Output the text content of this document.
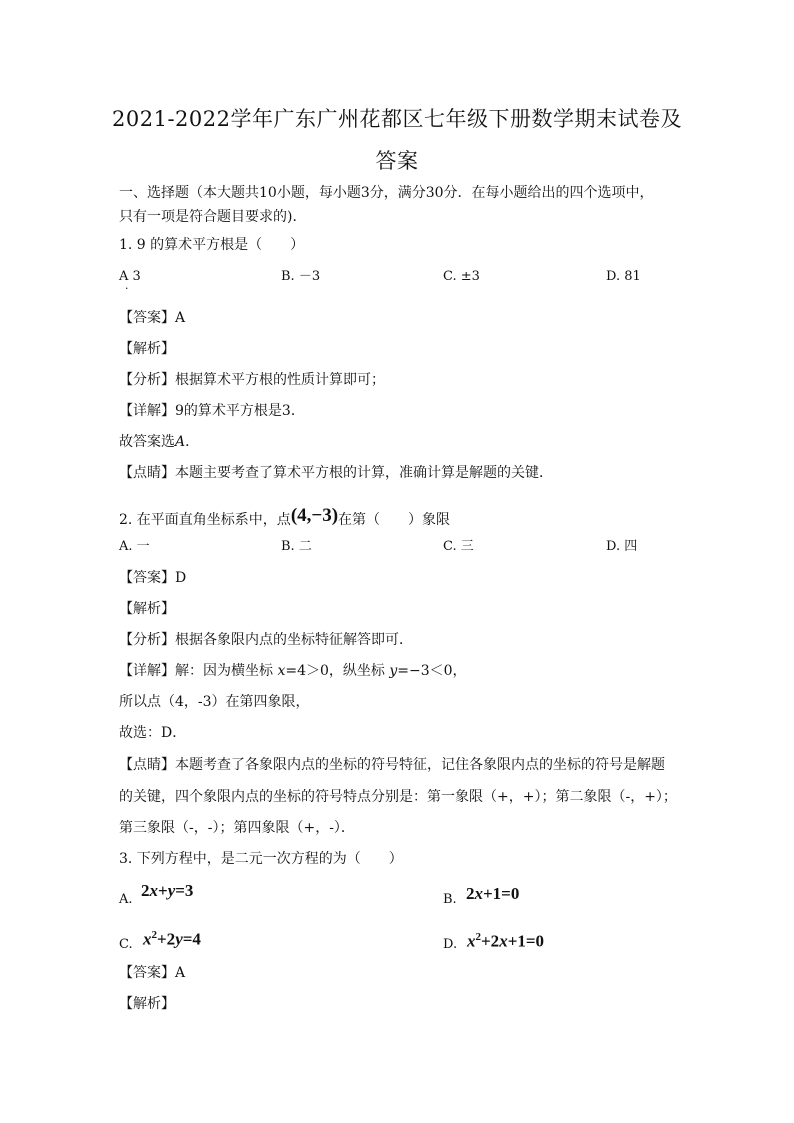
2021-2022学年广东广州花都区七年级下册数学期末试卷及
答案
一、选择题（本大题共10小题，每小题3分，满分30分．在每小题给出的四个选项中，
只有一项是符合题目要求的)．
1. 9 的算术平方根是（　　）
A 3
·
B. －3	C. ±3	D. 81
【答案】A
【解析】
【分析】根据算术平方根的性质计算即可；
【详解】9的算术平方根是3．
故答案选A．
【点睛】本题主要考查了算术平方根的计算，准确计算是解题的关键．
2. 在平面直角坐标系中，点(4,−3)在第（　　）象限
A. 一	B. 二	C. 三	D. 四
【答案】D
【解析】
【分析】根据各象限内点的坐标特征解答即可．
【详解】解：因为横坐标 x=4＞0，纵坐标 y=−3＜0，
所以点（4，-3）在第四象限，
故选：D．
【点睛】本题考查了各象限内点的坐标的符号特征，记住各象限内点的坐标的符号是解题
的关键，四个象限内点的坐标的符号特点分别是：第一象限（+，+）；第二象限（-，+）；
第三象限（-，-）；第四象限（+，-）．
3. 下列方程中，是二元一次方程的为（　　）
A. 2x+y=3	B. 2x+1=0
C. $x^2+2y=4$	D. $x^2+2x+1=0$
【答案】A
【解析】
